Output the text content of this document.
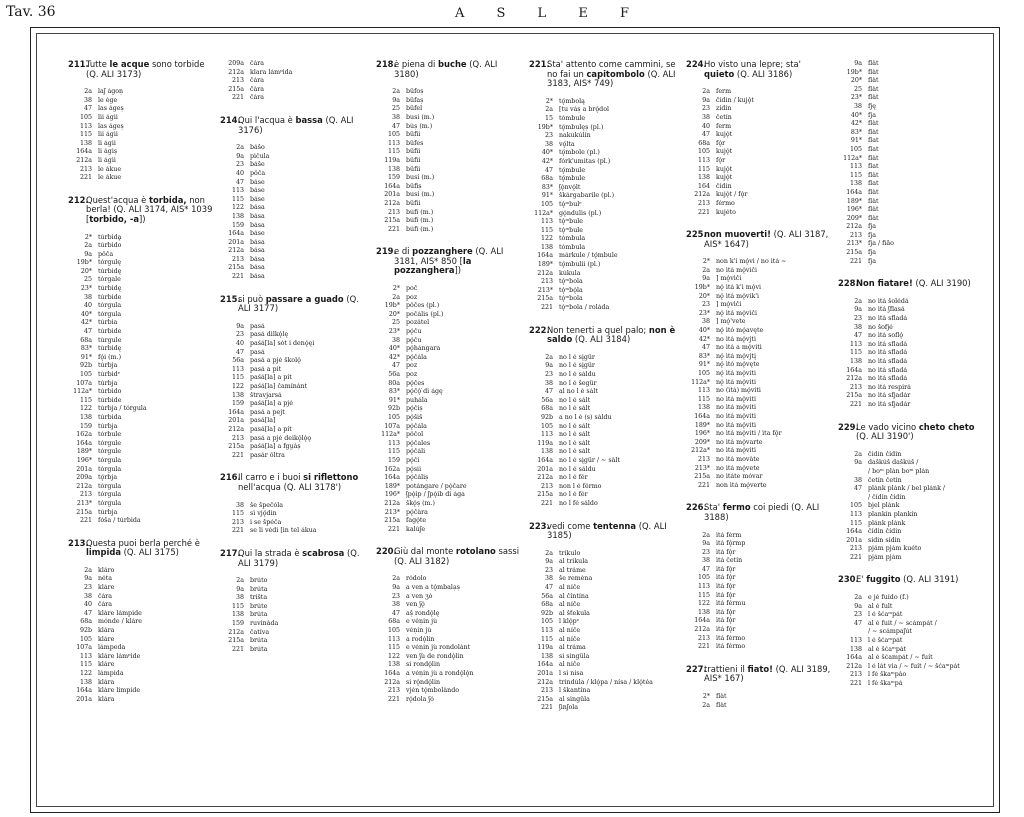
Tav. 36	A S L E F
211.
Tutte le acque sono torbide (Q. ALI 3173)
2a laʃ ágoṇ
38 le ége
47 las ágeṣ
105 lii ágii
113 las ágeṣ
115 lii ágii
138 li ágii
164a li ágiṣ
212a li ágii
213 le ákue
221 le ákue
212.
Quest'acqua è torbida, non berla! (Q. ALI 3174, AIS* 1039 [torbido, -a])
2* túrbidḁ
2a túrbido
9a pôča
19b* tórgulę
20* túrbidę
25 tórgale
23* túrbidę
38 túrbide
40 tórgula
40* tórgula
42* túrbia
47 túrbide
68a túrgule
83* túrbidę
91* fǫ̀i (m.)
92b túrbja
105 túrbidᵉ
107a túrbja
112a* túrbido
115 túrbide
122 túrbja / tórgula
138 túrbida
159 túrbja
162a tórbule
164a tórgule
189* tórgule
196* tórgula
201a tórgula
209a tǫ́rbja
212a tórgula
213 tórgula
213* tórgula
215a túrbja
221 fóša / túrbida
213.
Questa puoi berla perché è limpida (Q. ALI 3175)
2a kláro
9a néta
23 kláre
38 čára
40 čára
47 kláre lámpide
68a mónde / kláre
92b klára
105 kláre
107a lámpeda
113 kláre lámᵖide
115 kláre
122 lámpida
138 klára
164a kláre limpide
201a klára
209a čára
212a klara lámᵖida
213 čára
215a čára
221 čára
214.
Qui l'acqua è bassa (Q. ALI 3176)
2a bášo
9a pìčula
23 báše
40 pôča
47 báse
113 báse
115 báse
122 bása
138 bása
159 bása
164a báse
201a bása
212a bása
213 bása
215a bása
221 bása
215.
si può passare a guado (Q. ALI 3177)
9a pasá
23 pasá dilkǫ̀lę
40 paśá[la] sót i denǫ̀ęi
47 pasá
56a pasá a pjé školǫ̀
113 pasá a pít
115 paśá[la] a pít
122 paśá[la] čamínánt
138 štravjarsá
159 paśá[la] a pjé
164a pasá a pejt
201a pasá[la]
212a pasá[la] a pít
213 pasá a pjé deikǫ̀lǫ̀ǫ
215a paśá[la] a fgṵáș
221 pasár ôltra
216.
Il carro e i buoi si riflettono nell'acqua (Q. ALI 3178')
38 še špečóla
115 sì vjǫ́din
213 i se špéča
221 se li védi [in tel ákua
217.
Qui la strada è scabrosa (Q. ALI 3179)
2a brúto
9a brúta
38 tríšta
115 brúte
138 brúta
159 ruvinàda
212a čatíva
215a brúta
221 brúta
218.
è piena di buche (Q. ALI 3180)
2a bǘfoṣ
9a bǘfaṣ
25 bǘfel
38 busi (m.)
47 búṣ (m.)
105 bǘfii
113 bǘfes
115 bǘfii
119a bǘfii
138 bǘfii
159 busi (m.)
164a bǘfiṣ
201a busi (m.)
212a bǘfii
213 búfi (m.)
215a búfi (m.)
221 búfi (m.)
219.
e di pozzanghere (Q. ALI 3181, AIS* 850 [la pozzanghera])
2* poč
2a poz
19b* pôčes (pl.)
20* počális (pl.)
25 pozátel
23* pǫ̀ču
38 pǫ̀ču
40* pǫ̀hángara
42* pǫ̀čála
47 poz
56a poz
80a pǫ̀čes
83* pǫ̀čǫ̀ ̀di ágę
91* puhála
92b pǫ̀čiṣ
105 pǫ̀šiš
107a pǫ̀čála
112a* pôčol
113 pǫ̀čales
115 pǫ̀čáli
159 pǫ̀či
162a pǫ̀sii
164a pǫ̀čáliṣ
189* potángare / pǫ̀čare
196* ʃpǫ̀ip / ʃpǫ̀ib di ága
212a škǫ̀ṣ (m.)
213* pǫ̀čàra
215a fagǫ̀te
221 kalúʃe
220.
Giù dal monte rotolano sassi (Q. ALI 3182)
2a ródolo
9a a ven a tǫ̀mbalạṣ
23 a ven ʒó
38 ven ʃǫ̀
47 aṣ̌ rondǫ̀lę
68a e véṇin jù
105 véṇin jù
113 a rodǫ̀lin
115 e véṇin jù rondolánt
122 ven ʃù de rondǫ̀lin
138 si rondǫ̀lin
164a a véṇin jù a rondǫ̀lǫ̀n
212a si rǫ̀ndǫ̀lin
213 vjén tǫ̀mbolàndo
221 rǫ̀dola ʃó
221.
Sta' attento come cammini, se no fai un capitombolo (Q. ALI 3183, AIS* 749)
2* tǫ́mbolą
2a [tu váṣ a brǫ́dol
15 tómbule
19b* tǫ́mbulęṣ (pl.)
23 nakukúlin
38 vǫ́lta
40* tǫ́mbole (pl.)
42* fórk'umitas (pl.)
47 tǫ́mbule
68a tǫ́mbule
83* ʃǫ̀nvǫ̀lt
91* škárgabarile (pl.)
105 tǫ̀ᵐbulᵉ
112a* gǫ̀ndulis (pl.)
113 tǫ̀ᵐbule
115 tǫ̀ᵐbule
122 tómbula
138 tómbula
164a márkule / tǫ́mbule
189* tǫ́mbulii (pl.)
212a kúkula
213 tǫ̀ᵐbola
213* tǫ̀ᵐbǫ̀la
215a tǫ̀ᵐbola
221 tǫ̀ᵐbola / roláda
222.
Non tenerti a quel palo; non è saldo (Q. ALI 3184)
2a no l é sįgǘr
9a no l é sįgǘr
23 no l é sáldu
38 no l é šegǘr
47 al no l é sált
56a no l é sált
68a no l é sált
92b a no l é (ṣ) sáldu
105 no l é sált
113 no l é sált
119a no l é sált
138 no l é sált
164a no l é sįgǘr / ∼ sàlt
201a no l é sáldu
212a no l é fér
213 non l é férmo
215a no l é fér
221 no l fé sáldo
223.
vedi come tentenna (Q. ALI 3185)
2a trikulo
9a al trikula
23 al tráme
38 še remèna
47 al níče
56a al číntína
68a al níče
92b al šťekula
105 l klǫ̀pᵉ
113 al níče
115 al níče
119a al tráma
138 si singǘla
164a al níče
201a l si nísa
212a trindùla / klǫ̀pa / nísa / klǫ̀tėa
213 l škantína
215a al singǘla
221 ʃinʃola
224.
Ho visto una lepre; sta' quieto (Q. ALI 3186)
2a ferm
9a čídin / kujǫ̀t
23 zídin
38 četín
40 ferm
47 kujǫ̀t
68a fǫ̀r
105 kujǫ̀t
113 fǫ̀r
115 kujǫ̀t
138 kujǫ̀t
164 čídin
212a kujǫ̀t / fǫ̀r
213 férmo
221 kujéto
225.
non muoverti! (Q. ALI 3187, AIS* 1647)
2* non k'i mǫ̀vi / no ìtá ∼
2a no ìtá mǫ̀vìči
9a ] mǫ̀vìči
19b* nǫ̀ ìtá k'i mǫ̀vi
20* nǫ̀ ìtá mǫ̀vik'i
23 ] mǫ̀vìči
23* nǫ̀ ìtá mǫ̀vìči
38 ] mǫ̀'vete
40* nǫ̀ ìtó mǫ̀avęte
42* no ìtá mǫ̀vjti
47 no ìtá a mǫ̀viti
83* nǫ̀ ìtá mǫ̀vjtį
91* nǫ̀ ìtó mǫ̀vęte
105 nǫ̀ ìtá mǫ̀viti
112a* nǫ̀ ìtá mǫ̀viti
113 no (ìtá) mǫ̀viti
115 no ìtá mǫ̀viti
138 no ìtá mǫ̀viti
164a no ìtá mǫ̀viti
189* no ìtá mǫ̀viti
196* no ìtá mǫ̀viti / ìta fǫ̀r
209* no ìtá mǫ̀varte
212a* no ìtá mǫ̀viti
213 no ìtá movàte
213* no ìtá mǫ̀vete
215a no ìtáte móvar
221 non ìtá mǫ̀verte
226.
Sta' fermo coi piedi (Q. ALI 3188)
2a ìtá férm
9a ìtá fǫ̀rmp
23 ìtá fǫ̀r
38 ìtá četín
47 ìtá fǫ̀r
105 ìtá fǫ̀r
113 ìtá fǫ̀r
115 ìtá fǫ̀r
122 ìtá férmu
138 ìtá fǫ̀r
164a ìtá fǫ̀r
212a ìtá fǫ̀r
213 ìtá férmo
221 ìtá férmo
227.
trattieni il fiato! (Q. ALI 3189, AIS* 167)
2* flàt
2a flàt
9a flàt
19b* flàt
20* flàt
25 flàt
23* flàt
38 fję
40* fja
42* flàt
83* flàt
91* flat
105 flat
112a* flàt
113 flat
115 flàt
138 flat
164a flàt
189* flàt
196* flàt
209* flàt
212a fja
213 fja
213* fja / fiǻo
215a fja
221 fja
228.
Non fiatare! (Q. ALI 3190)
2a no ìtá šolédá
9a no ìtá ʃflasá
23 no ìtá sfladá
38 no šofjé
47 no ìtá soflǫ̀
113 no ìtá sfladá
115 no ìtá sfladá
138 no ìtá sfladá
164a no ìtá sfladá
212a no ìtá sfladá
213 no ìtá respirá
215a no ìtá sfjadár
221 no ìtá sfjadár
229.
Le vado vicino cheto cheto (Q. ALI 3190')
2a čídin čídin
9a daškúš daškúš /
/ boᵐ plán boᵐ plán
38 četín četín
47 plánk plánk / bel plánk /
/ čídin čídin
105 bjel plánk
113 plankín plankín
115 plánk plánk
164a čídin čídin
201a sídin sídin
213 pjám pjám kuéto
221 pjám pjám
230.
E' fuggito (Q. ALI 3191)
2a e jé fuído (f.)
9a al é fult
23 l é šćaᵐpát
47 al é fuit / ∼ scámpát /
/ ∼ scámpaʃút
113 l é šćaᵐpát
138 al é šćaᵐpát
164a al é šćampát / ∼ fuít
212a l é lát via / ∼ fuít / ∼ šćaᵐpát
213 l fé škaᵐpào
221 l fé škaᵐpá
